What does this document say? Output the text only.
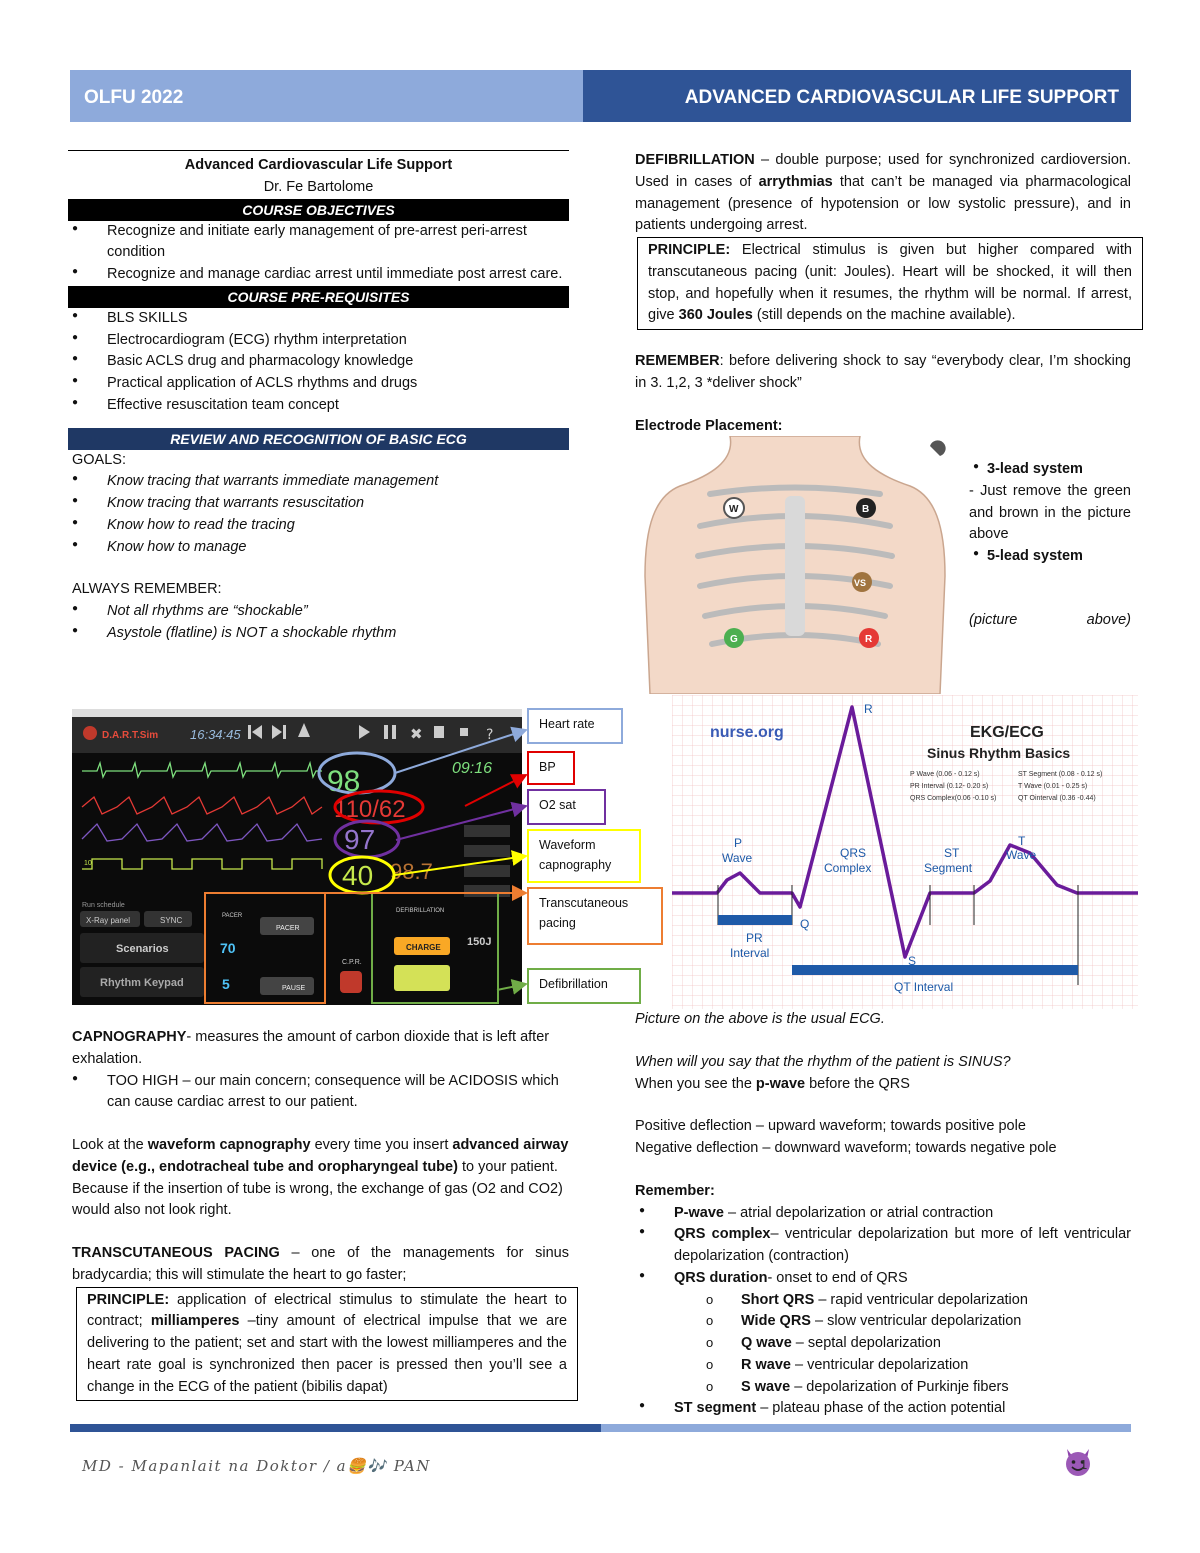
OLFU 2022	ADVANCED CARDIOVASCULAR LIFE SUPPORT
Advanced Cardiovascular Life Support
Dr. Fe Bartolome
COURSE OBJECTIVES
● Recognize and initiate early management of pre-arrest peri-arrest condition
● Recognize and manage cardiac arrest until immediate post arrest care.
COURSE PRE-REQUISITES
● BLS SKILLS
● Electrocardiogram (ECG) rhythm interpretation
● Basic ACLS drug and pharmacology knowledge
● Practical application of ACLS rhythms and drugs
● Effective resuscitation team concept
REVIEW AND RECOGNITION OF BASIC ECG
GOALS:
● Know tracing that warrants immediate management
● Know tracing that warrants resuscitation
● Know how to read the tracing
● Know how to manage
ALWAYS REMEMBER:
● Not all rhythms are “shockable”
● Asystole (flatline) is NOT a shockable rhythm
D.A.R.T.Sim 16:34:45	✖	?
10
98	09:16
110/62
97
40 98.7
Run schedule
X-Ray panel	SYNC
Scenarios
Rhythm Keypad
PACER
70
5
PACER
PAUSE
C.P.R.
DEFIBRILLATION
CHARGE 150J
Heart rate
BP
O2 sat
Waveform capnography
Transcutaneous pacing
Defibrillation
CAPNOGRAPHY- measures the amount of carbon dioxide that is left after exhalation.
● TOO HIGH – our main concern; consequence will be ACIDOSIS which can cause cardiac arrest to our patient.
Look at the waveform capnography every time you insert advanced airway device (e.g., endotracheal tube and oropharyngeal tube) to your patient. Because if the insertion of tube is wrong, the exchange of gas (O2 and CO2) would also not look right.
TRANSCUTANEOUS PACING – one of the managements for sinus bradycardia; this will stimulate the heart to go faster;
PRINCIPLE: application of electrical stimulus to stimulate the heart to contract; milliamperes –tiny amount of electrical impulse that we are delivering to the patient; set and start with the lowest milliamperes and the heart rate goal is synchronized then pacer is pressed then you’ll see a change in the ECG of the patient (bibilis dapat)
DEFIBRILLATION – double purpose; used for synchronized cardioversion. Used in cases of arrythmias that can’t be managed via pharmacological management (presence of hypotension or low systolic pressure), and in patients undergoing arrest.
PRINCIPLE: Electrical stimulus is given but higher compared with transcutaneous pacing (unit: Joules). Heart will be shocked, it will then stop, and hopefully when it resumes, the rhythm will be normal. If arrest, give 360 Joules (still depends on the machine available).
REMEMBER: before delivering shock to say “everybody clear, I’m shocking in 3. 1,2, 3 *deliver shock”
Electrode Placement:
W	B
VS
G	R
● 3-lead system
- Just remove the green and brown in the picture above
● 5-lead system
(picture above)
nurse.org	EKG/ECG
Sinus Rhythm Basics
P Wave (0.06 - 0.12 s)
PR Interval (0.12- 0.20 s)
QRS Complex(0.06 -0.10 s)
ST Segment (0.08 - 0.12 s)
T Wave (0.01 - 0.25 s)
QT Ointerval (0.36 -0.44)
P
Wave	QRS
Complex
ST
Segment
T
Wave
R
Q
S
PR
Interval
QT Interval
Picture on the above is the usual ECG.
When will you say that the rhythm of the patient is SINUS?
When you see the p-wave before the QRS
Positive deflection – upward waveform; towards positive pole
Negative deflection – downward waveform; towards negative pole
Remember:
● P-wave – atrial depolarization or atrial contraction
● QRS complex– ventricular depolarization but more of left ventricular depolarization (contraction)
● QRS duration- onset to end of QRS
o Short QRS – rapid ventricular depolarization
o Wide QRS – slow ventricular depolarization
o Q wave – septal depolarization
o R wave – ventricular depolarization
o S wave – depolarization of Purkinje fibers
● ST segment – plateau phase of the action potential
MD - Mapanlait na Doktor / a🍔🎶 PAN	1
